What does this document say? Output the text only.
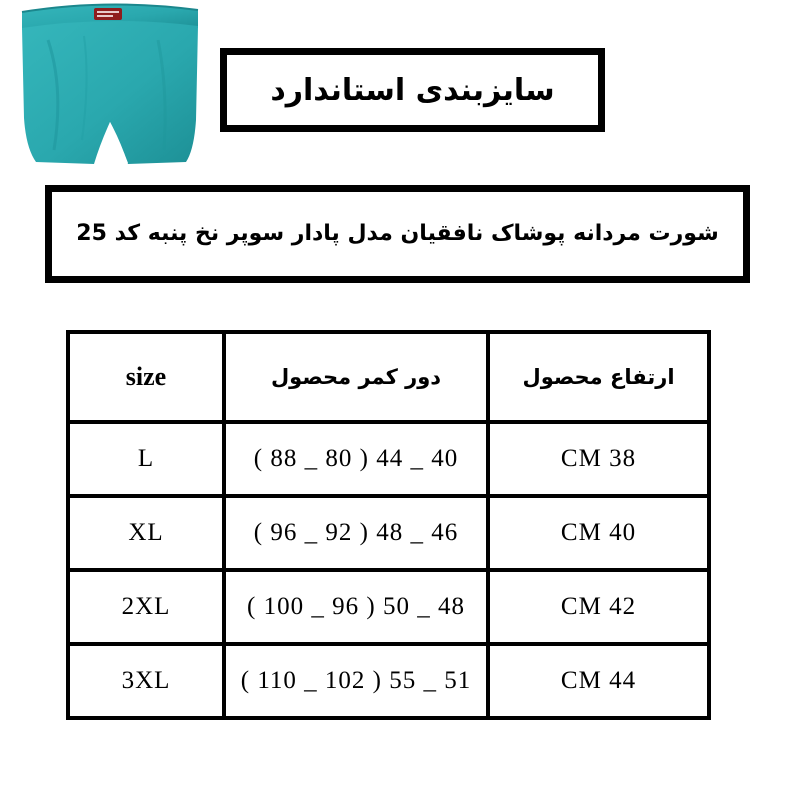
سایزبندی استاندارد
شورت مردانه پوشاک نافقیان مدل پادار سوپر نخ پنبه کد 25
ارتفاع محصول	دور کمر محصول	size
38 CM	40 _ 44 ( 80 _ 88 )	L
40 CM	46 _ 48 ( 92 _ 96 )	XL
42 CM	48 _ 50 ( 96 _ 100 )	2XL
44 CM	51 _ 55 ( 102 _ 110 )	3XL
